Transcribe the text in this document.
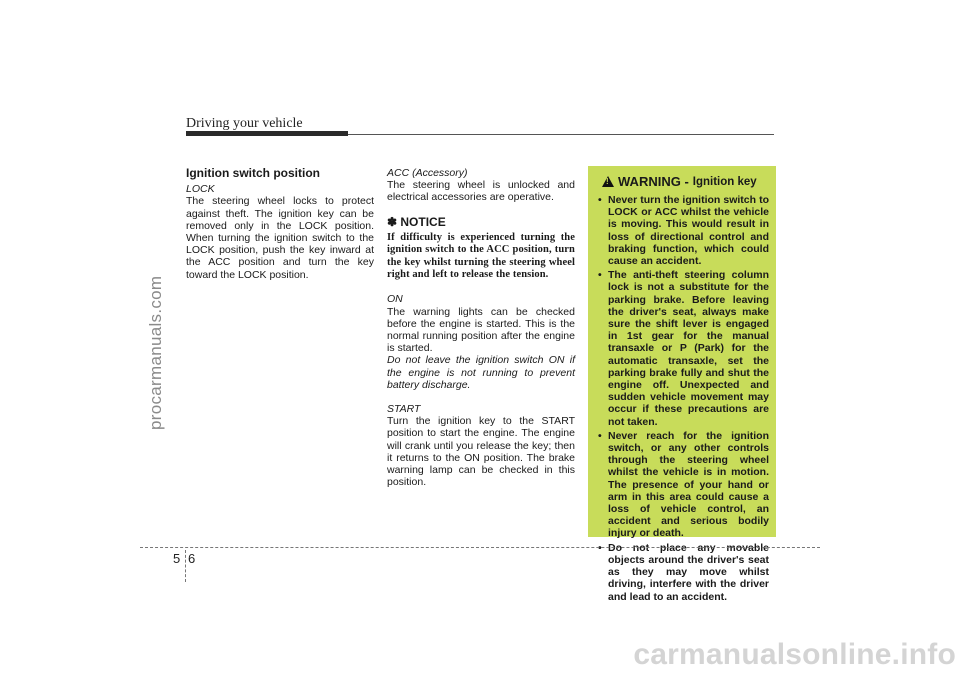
procarmanuals.com
Driving your vehicle
Ignition switch position
LOCK

The steering wheel locks to protect against theft. The ignition key can be removed only in the LOCK position. When turning the ignition switch to the LOCK position, push the key inward at the ACC position and turn the key toward the LOCK position.

ACC (Accessory)

The steering wheel is unlocked and electrical accessories are operative.

✽ NOTICE
If difficulty is experienced turning the ignition switch to the ACC position, turn the key whilst turning the steering wheel right and left to release the tension.
ON

The warning lights can be checked before the engine is started. This is the normal running position after the engine is started.

Do not leave the ignition switch ON if the engine is not running to prevent battery discharge.

START

Turn the ignition key to the START position to start the engine. The engine will crank until you release the key; then it returns to the ON position. The brake warning lamp can be checked in this position.

!
WARNING - Ignition key
• Never turn the ignition switch to LOCK or ACC whilst the vehicle is moving. This would result in loss of directional control and braking function, which could cause an accident.
• The anti-theft steering column lock is not a substitute for the parking brake. Before leaving the driver's seat, always make sure the shift lever is engaged in 1st gear for the manual transaxle or P (Park) for the automatic transaxle, set the parking brake fully and shut the engine off. Unexpected and sudden vehicle movement may occur if these precautions are not taken.
• Never reach for the ignition switch, or any other controls through the steering wheel whilst the vehicle is in motion. The presence of your hand or arm in this area could cause a loss of vehicle control, an accident and serious bodily injury or death.
• Do not place any movable objects around the driver's seat as they may move whilst driving, interfere with the driver and lead to an accident.
5 6
carmanualsonline.info
